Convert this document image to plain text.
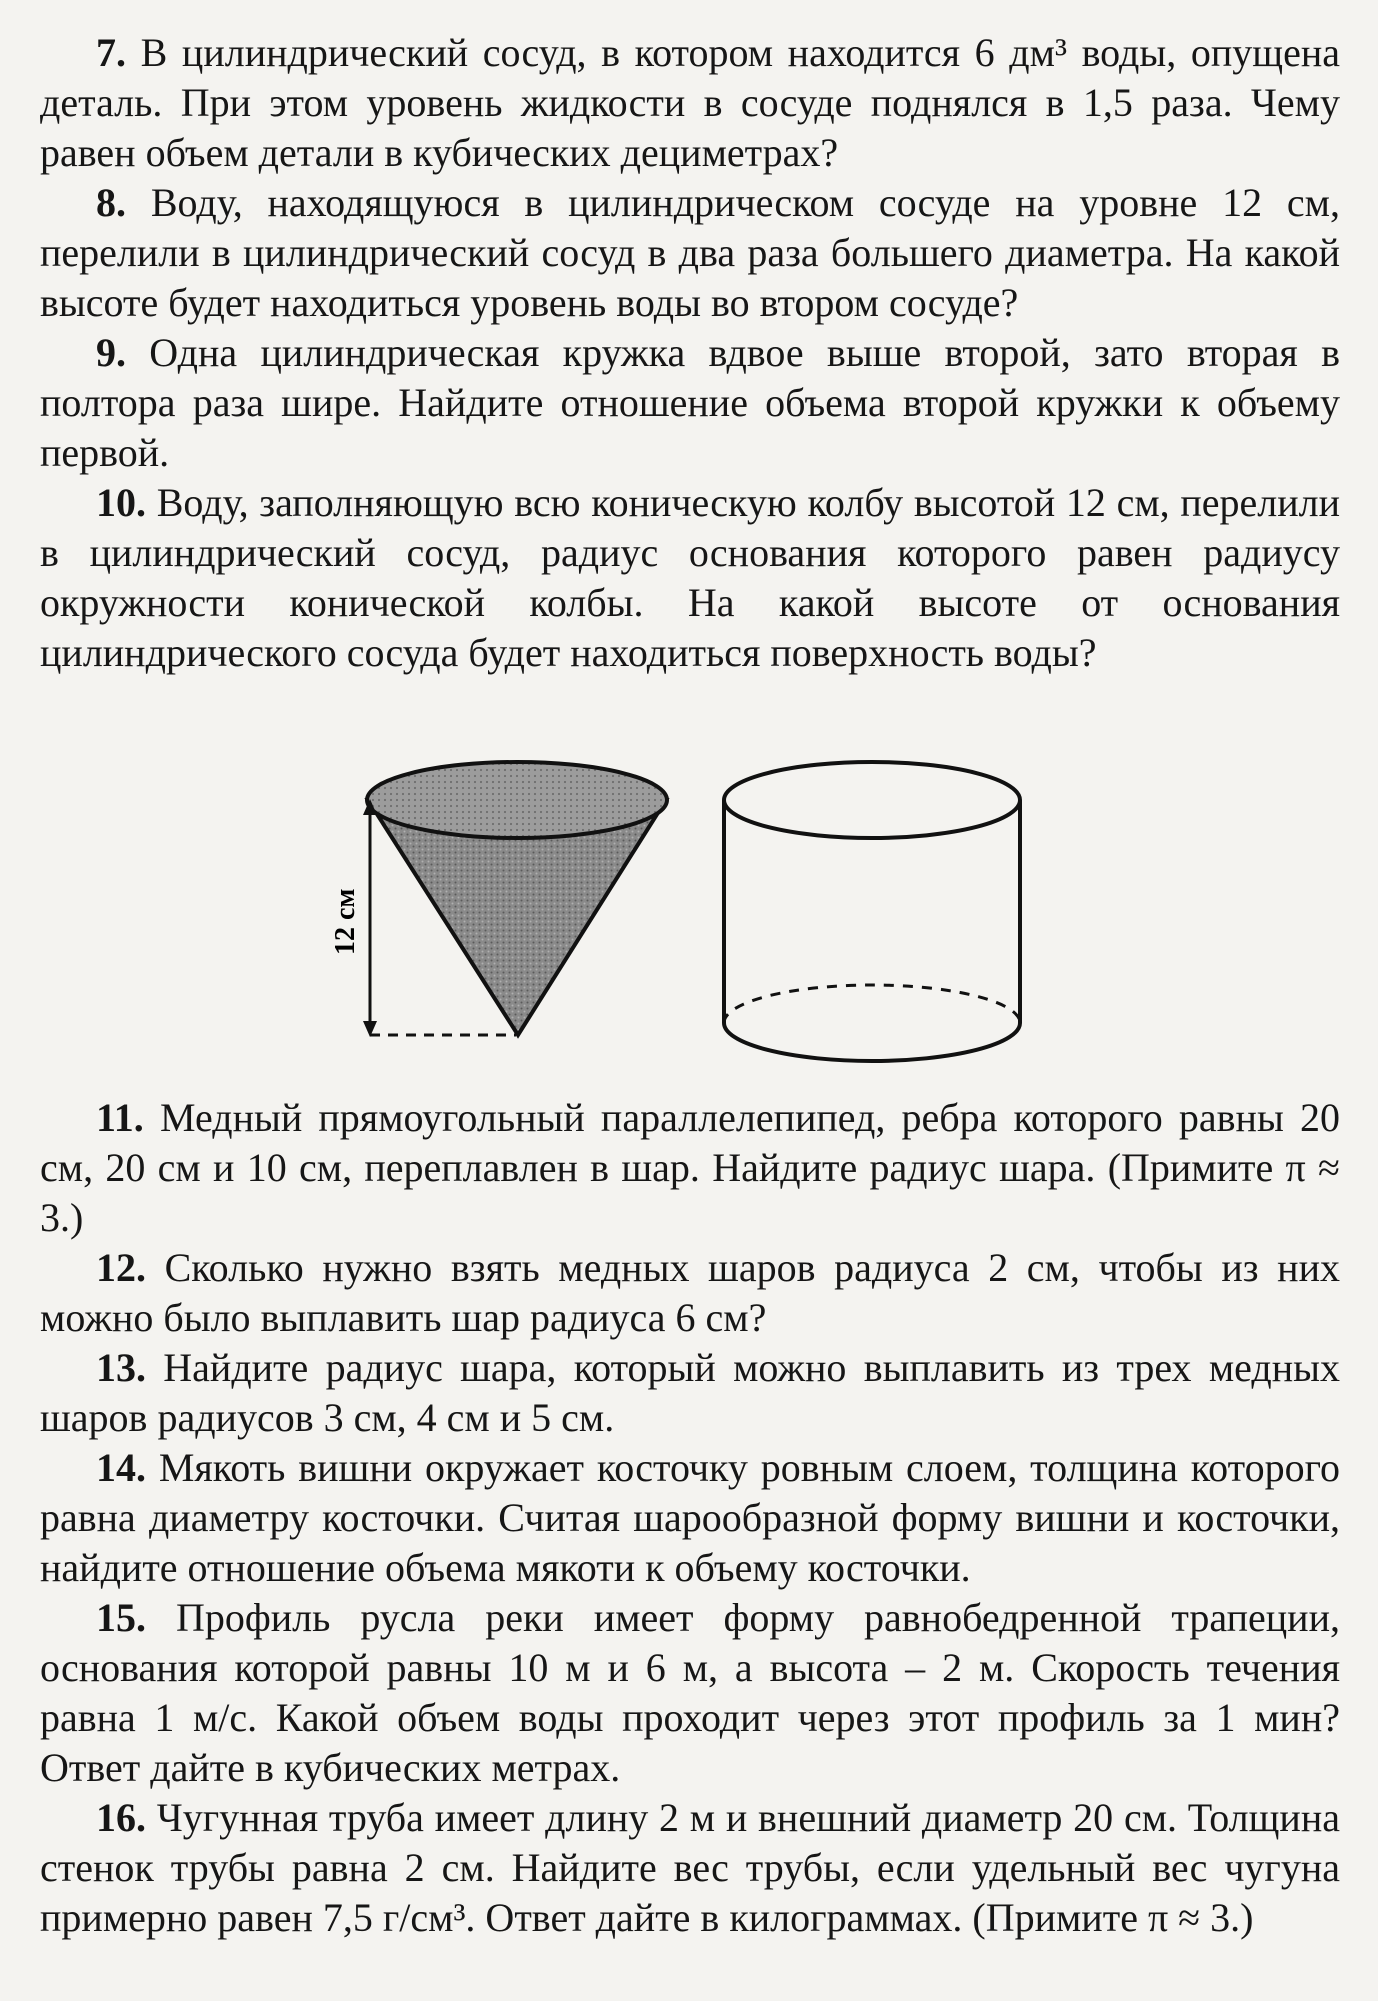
7. В цилиндрический сосуд, в котором находится 6 дм³ воды, опущена деталь. При этом уровень жидкости в сосуде поднялся в 1,5 раза. Чему равен объем детали в кубических дециметрах?

8. Воду, находящуюся в цилиндрическом сосуде на уровне 12 см, перелили в цилиндрический сосуд в два раза большего диаметра. На какой высоте будет находиться уровень воды во втором сосуде?

9. Одна цилиндрическая кружка вдвое выше второй, зато вторая в полтора раза шире. Найдите отношение объема второй кружки к объему первой.

10. Воду, заполняющую всю коническую колбу высотой 12 см, перелили в цилиндрический сосуд, радиус основания которого равен радиусу окружности конической колбы. На какой высоте от основания цилиндрического сосуда будет находиться поверхность воды?

12 см

11. Медный прямоугольный параллелепипед, ребра которого равны 20 см, 20 см и 10 см, переплавлен в шар. Найдите радиус шара. (Примите π ≈ 3.)

12. Сколько нужно взять медных шаров радиуса 2 см, чтобы из них можно было выплавить шар радиуса 6 см?

13. Найдите радиус шара, который можно выплавить из трех медных шаров радиусов 3 см, 4 см и 5 см.

14. Мякоть вишни окружает косточку ровным слоем, толщина которого равна диаметру косточки. Считая шарообразной форму вишни и косточки, найдите отношение объема мякоти к объему косточки.

15. Профиль русла реки имеет форму равнобедренной трапеции, основания которой равны 10 м и 6 м, а высота – 2 м. Скорость течения равна 1 м/с. Какой объем воды проходит через этот профиль за 1 мин? Ответ дайте в кубических метрах.

16. Чугунная труба имеет длину 2 м и внешний диаметр 20 см. Толщина стенок трубы равна 2 см. Найдите вес трубы, если удельный вес чугуна примерно равен 7,5 г/см³. Ответ дайте в килограммах. (Примите π ≈ 3.)
